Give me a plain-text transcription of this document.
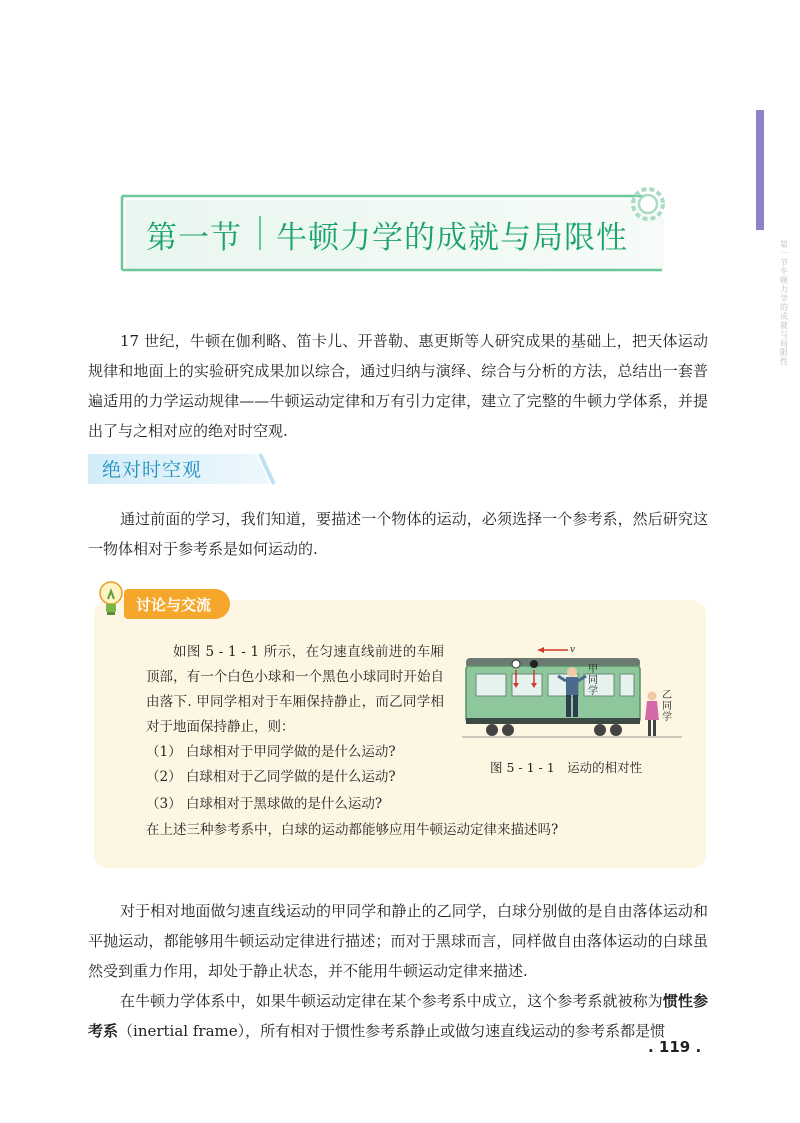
第一节 牛顿力学的成就与局限性
第一节 牛顿力学的成就与局限性

17 世纪，牛顿在伽利略、笛卡儿、开普勒、惠更斯等人研究成果的基础上，把天体运动规律和地面上的实验研究成果加以综合，通过归纳与演绎、综合与分析的方法，总结出一套普遍适用的力学运动规律——牛顿运动定律和万有引力定律，建立了完整的牛顿力学体系，并提出了与之相对应的绝对时空观.

绝对时空观

通过前面的学习，我们知道，要描述一个物体的运动，必须选择一个参考系，然后研究这一物体相对于参考系是如何运动的.

讨论与交流

如图 5 - 1 - 1 所示，在匀速直线前进的车厢顶部，有一个白色小球和一个黑色小球同时开始自由落下. 甲同学相对于车厢保持静止，而乙同学相对于地面保持静止，则：

（1） 白球相对于甲同学做的是什么运动?

（2） 白球相对于乙同学做的是什么运动?

（3） 白球相对于黑球做的是什么运动?

在上述三种参考系中，白球的运动都能够应用牛顿运动定律来描述吗?

v
甲同学	乙同学
图 5 - 1 - 1　运动的相对性

对于相对地面做匀速直线运动的甲同学和静止的乙同学，白球分别做的是自由落体运动和平抛运动，都能够用牛顿运动定律进行描述；而对于黑球而言，同样做自由落体运动的白球虽然受到重力作用，却处于静止状态，并不能用牛顿运动定律来描述.

在牛顿力学体系中，如果牛顿运动定律在某个参考系中成立，这个参考系就被称为惯性参考系（inertial frame），所有相对于惯性参考系静止或做匀速直线运动的参考系都是惯

. 119 .
